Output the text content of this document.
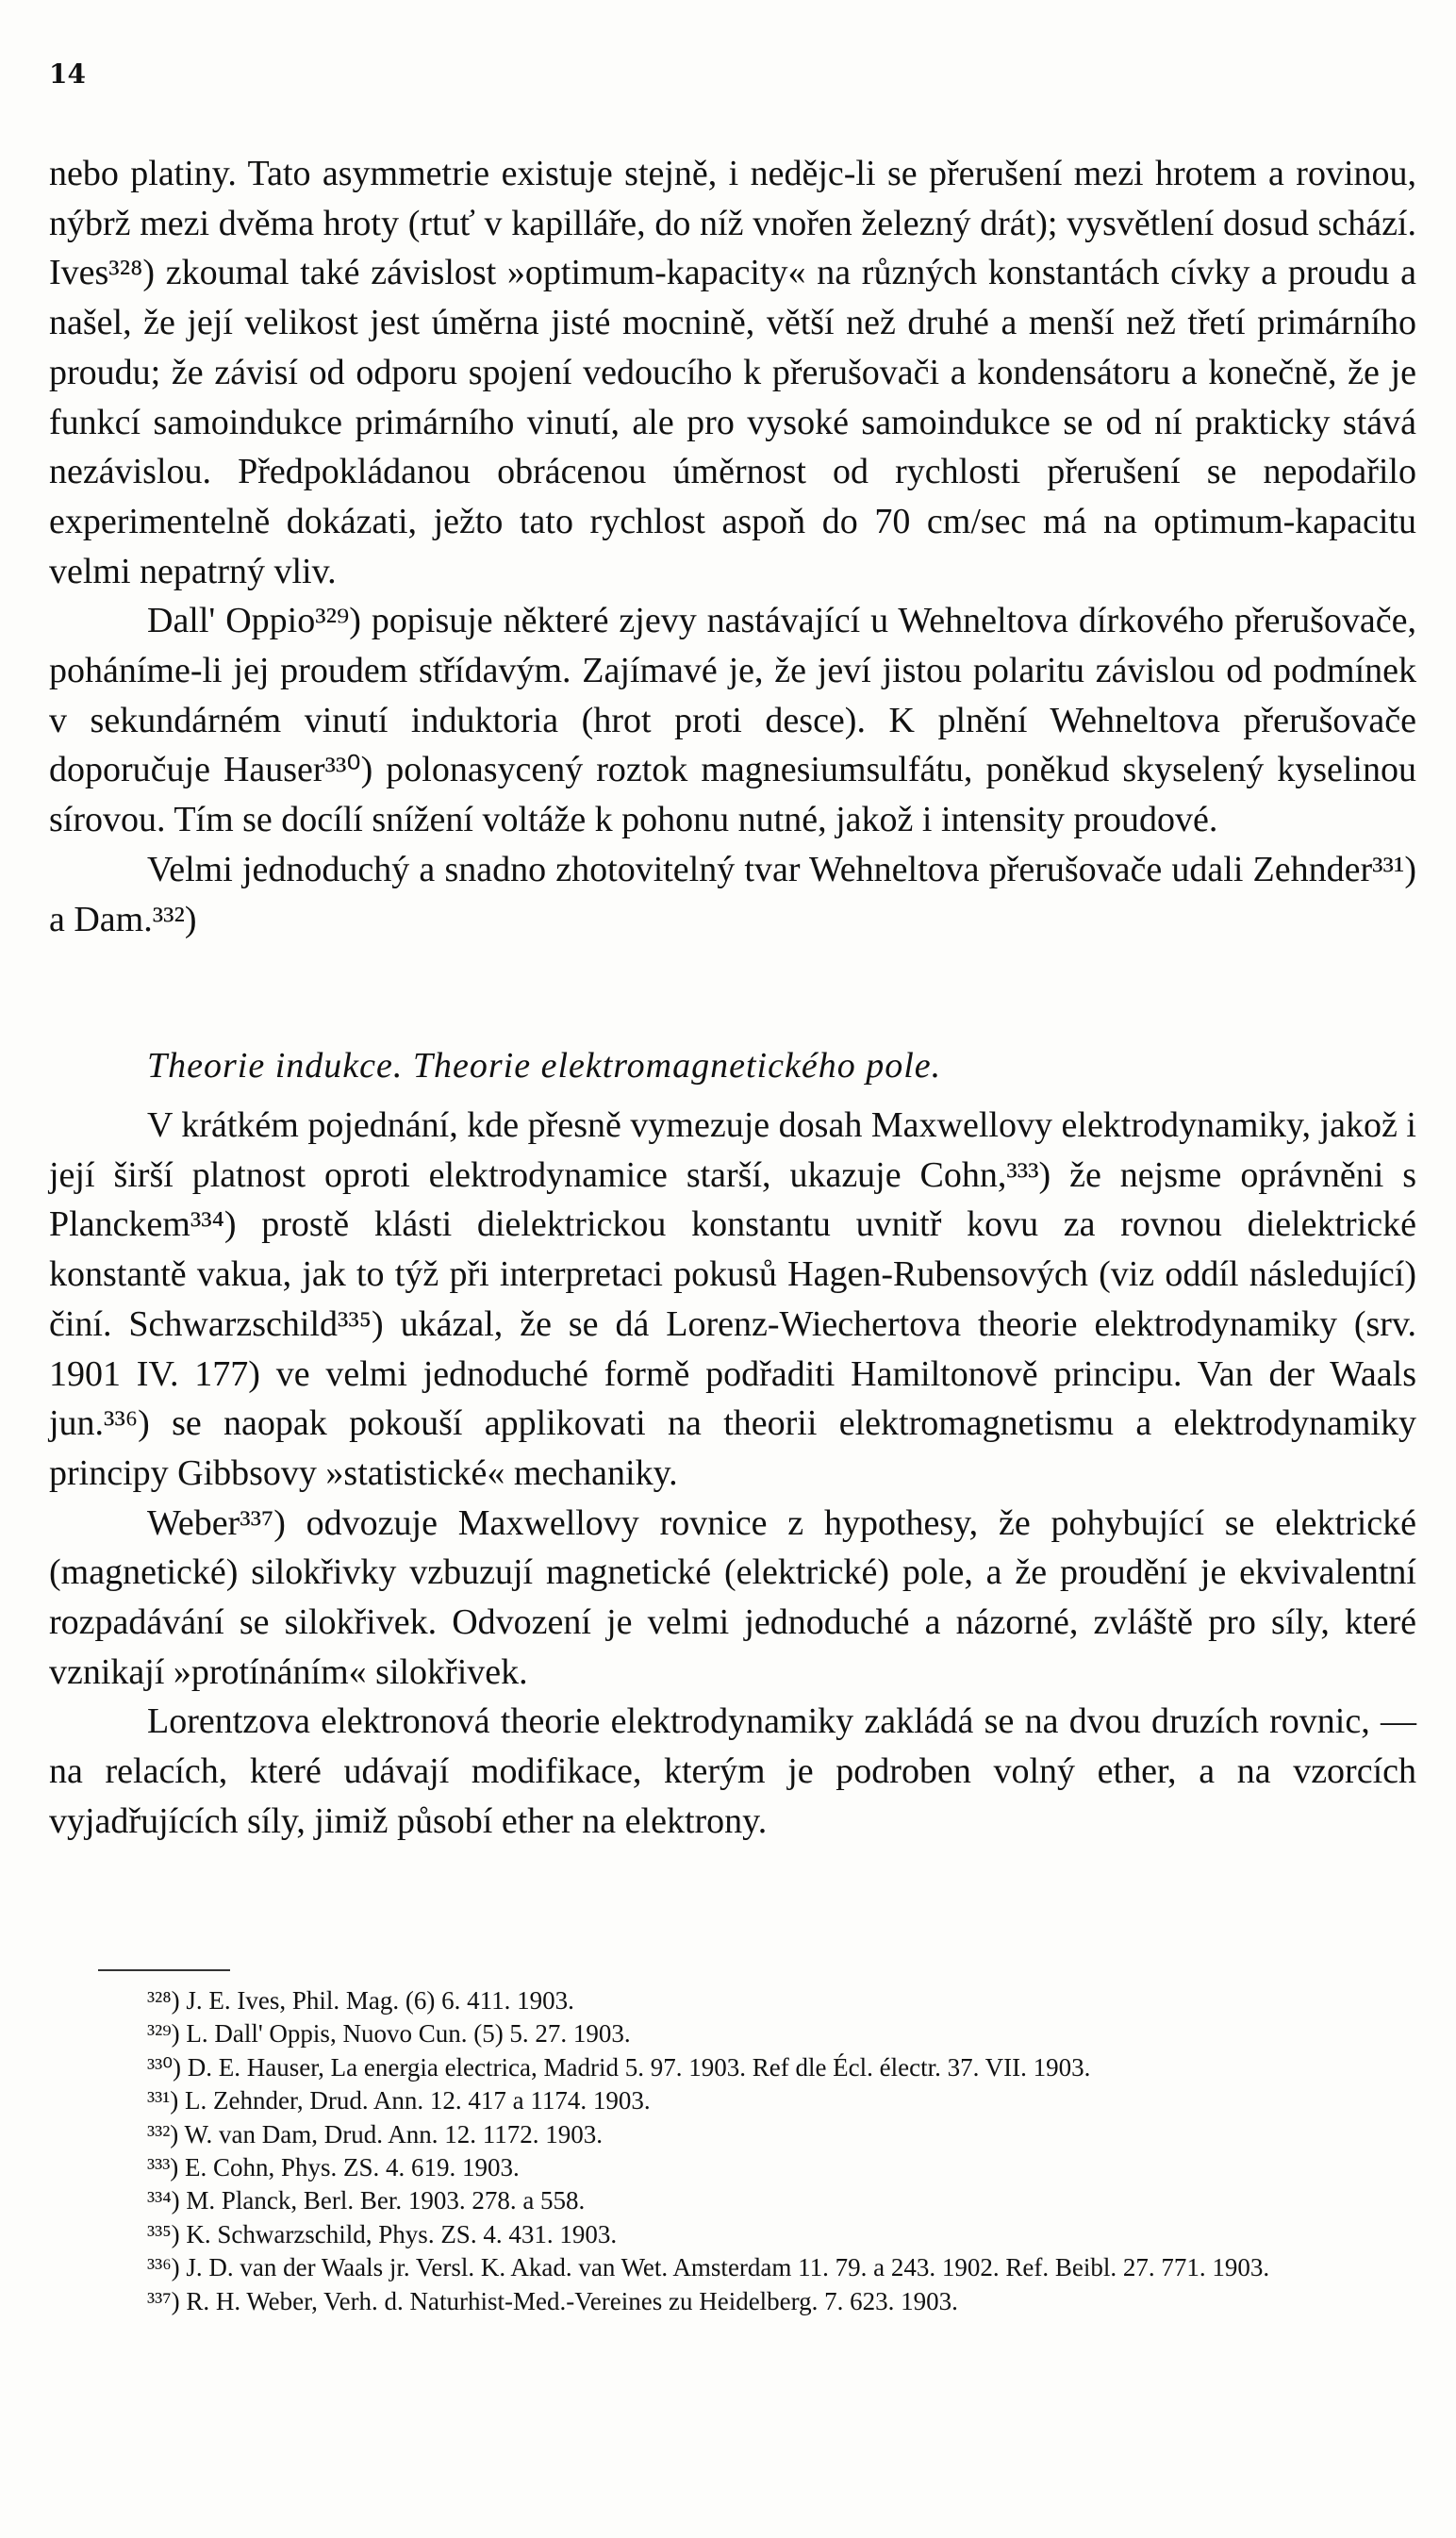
14

nebo platiny. Tato asymmetrie existuje stejně, i nedějc-li se přerušení mezi hrotem a rovinou, nýbrž mezi dvěma hroty (rtuť v kapilláře, do níž vnořen železný drát); vysvětlení dosud schází. Ives³²⁸) zkoumal také závislost »optimum-kapacity« na různých konstantách cívky a proudu a našel, že její velikost jest úměrna jisté mocnině, větší než druhé a menší než třetí primárního proudu; že závisí od odporu spojení vedoucího k přerušovači a kondensátoru a konečně, že je funkcí samoindukce primárního vinutí, ale pro vysoké samoindukce se od ní prakticky stává nezávislou. Předpokládanou obrácenou úměrnost od rychlosti přerušení se nepodařilo experimentelně dokázati, ježto tato rychlost aspoň do 70 cm/sec má na optimum-kapacitu velmi nepatrný vliv.

Dall' Oppio³²⁹) popisuje některé zjevy nastávající u Wehneltova dírkového přerušovače, poháníme-li jej proudem střídavým. Zajímavé je, že jeví jistou polaritu závislou od podmínek v sekundárném vinutí induktoria (hrot proti desce). K plnění Wehneltova přerušovače doporučuje Hauser³³⁰) polonasycený roztok magnesiumsulfátu, poněkud skyselený kyselinou sírovou. Tím se docílí snížení voltáže k pohonu nutné, jakož i intensity proudové.

Velmi jednoduchý a snadno zhotovitelný tvar Wehneltova přerušovače udali Zehnder³³¹) a Dam.³³²)

Theorie indukce. Theorie elektromagnetického pole.

V krátkém pojednání, kde přesně vymezuje dosah Maxwellovy elektrodynamiky, jakož i její širší platnost oproti elektrodynamice starší, ukazuje Cohn,³³³) že nejsme oprávněni s Planckem³³⁴) prostě klásti dielektrickou konstantu uvnitř kovu za rovnou dielektrické konstantě vakua, jak to týž při interpretaci pokusů Hagen-Rubensových (viz oddíl následující) činí. Schwarzschild³³⁵) ukázal, že se dá Lorenz-Wiechertova theorie elektrodynamiky (srv. 1901 IV. 177) ve velmi jednoduché formě podřaditi Hamiltonově principu. Van der Waals jun.³³⁶) se naopak pokouší applikovati na theorii elektromagnetismu a elektrodynamiky principy Gibbsovy »statistické« mechaniky.

Weber³³⁷) odvozuje Maxwellovy rovnice z hypothesy, že pohybující se elektrické (magnetické) silokřivky vzbuzují magnetické (elektrické) pole, a že proudění je ekvivalentní rozpadávání se silokřivek. Odvození je velmi jednoduché a názorné, zvláště pro síly, které vznikají »protínáním« silokřivek.

Lorentzova elektronová theorie elektrodynamiky zakládá se na dvou druzích rovnic, — na relacích, které udávají modifikace, kterým je podroben volný ether, a na vzorcích vyjadřujících síly, jimiž působí ether na elektrony.

³²⁸) J. E. Ives, Phil. Mag. (6) 6. 411. 1903.

³²⁹) L. Dall' Oppis, Nuovo Cun. (5) 5. 27. 1903.

³³⁰) D. E. Hauser, La energia electrica, Madrid 5. 97. 1903. Ref dle Écl. électr. 37. VII. 1903.

³³¹) L. Zehnder, Drud. Ann. 12. 417 a 1174. 1903.

³³²) W. van Dam, Drud. Ann. 12. 1172. 1903.

³³³) E. Cohn, Phys. ZS. 4. 619. 1903.

³³⁴) M. Planck, Berl. Ber. 1903. 278. a 558.

³³⁵) K. Schwarzschild, Phys. ZS. 4. 431. 1903.

³³⁶) J. D. van der Waals jr. Versl. K. Akad. van Wet. Amsterdam 11. 79. a 243. 1902. Ref. Beibl. 27. 771. 1903.

³³⁷) R. H. Weber, Verh. d. Naturhist-Med.-Vereines zu Heidelberg. 7. 623. 1903.
